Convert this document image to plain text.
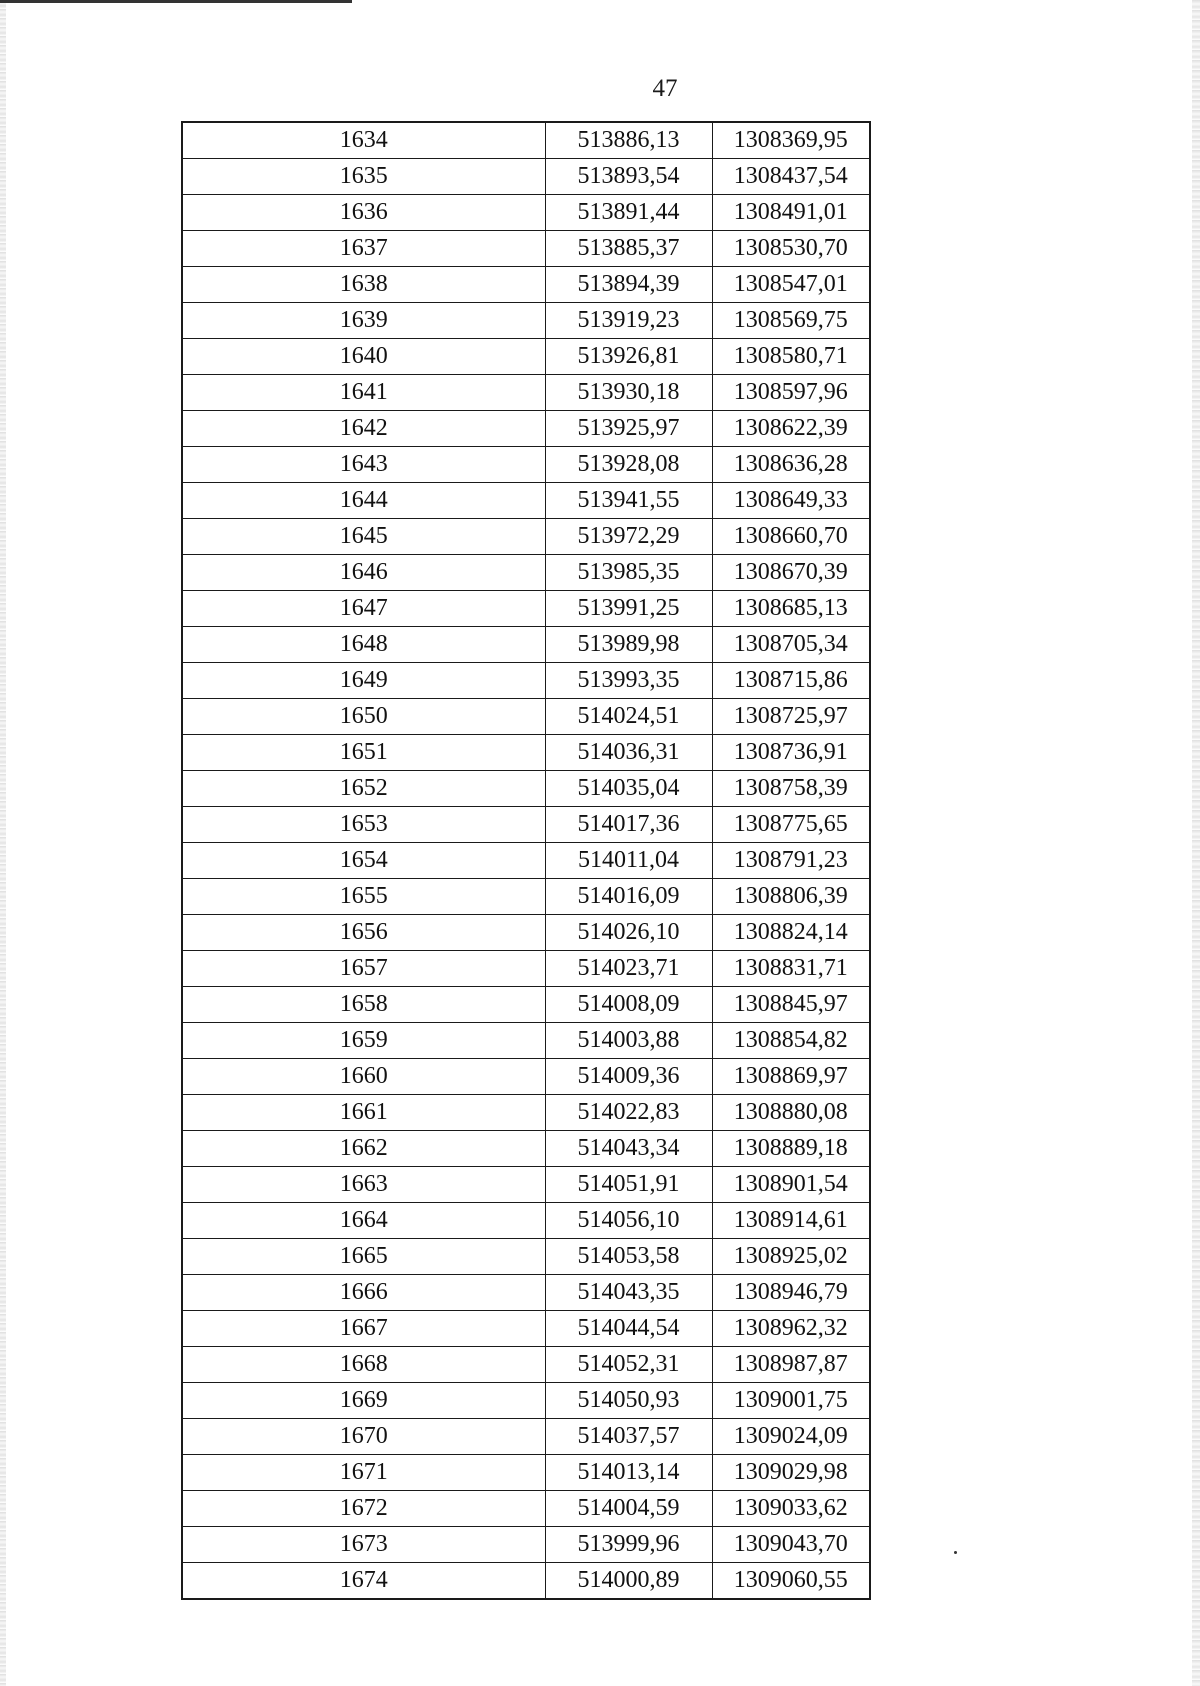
47
1634	513886,13	1308369,95
1635	513893,54	1308437,54
1636	513891,44	1308491,01
1637	513885,37	1308530,70
1638	513894,39	1308547,01
1639	513919,23	1308569,75
1640	513926,81	1308580,71
1641	513930,18	1308597,96
1642	513925,97	1308622,39
1643	513928,08	1308636,28
1644	513941,55	1308649,33
1645	513972,29	1308660,70
1646	513985,35	1308670,39
1647	513991,25	1308685,13
1648	513989,98	1308705,34
1649	513993,35	1308715,86
1650	514024,51	1308725,97
1651	514036,31	1308736,91
1652	514035,04	1308758,39
1653	514017,36	1308775,65
1654	514011,04	1308791,23
1655	514016,09	1308806,39
1656	514026,10	1308824,14
1657	514023,71	1308831,71
1658	514008,09	1308845,97
1659	514003,88	1308854,82
1660	514009,36	1308869,97
1661	514022,83	1308880,08
1662	514043,34	1308889,18
1663	514051,91	1308901,54
1664	514056,10	1308914,61
1665	514053,58	1308925,02
1666	514043,35	1308946,79
1667	514044,54	1308962,32
1668	514052,31	1308987,87
1669	514050,93	1309001,75
1670	514037,57	1309024,09
1671	514013,14	1309029,98
1672	514004,59	1309033,62
1673	513999,96	1309043,70
1674	514000,89	1309060,55
